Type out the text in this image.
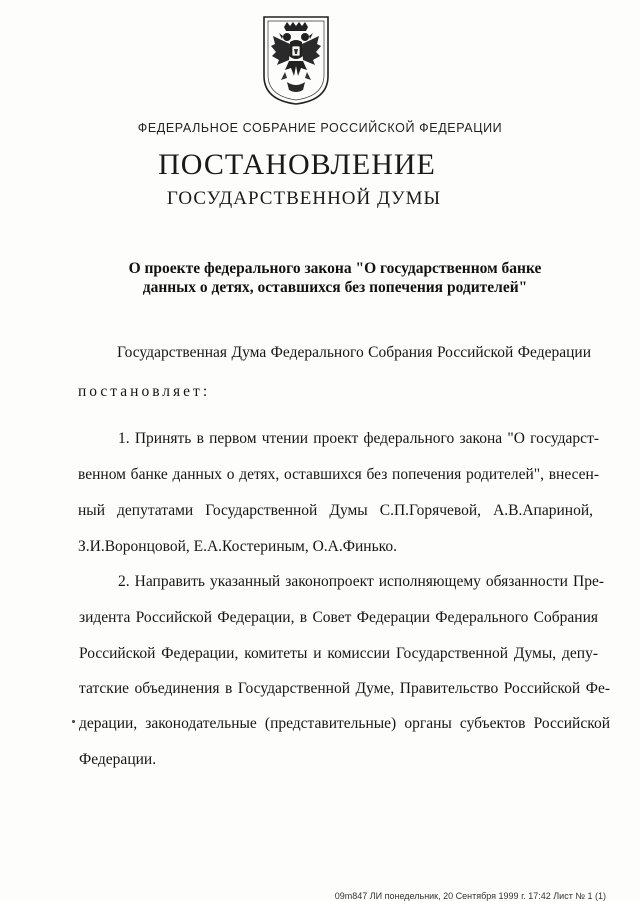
ФЕДЕРАЛЬНОЕ СОБРАНИЕ РОССИЙСКОЙ ФЕДЕРАЦИИ

ПОСТАНОВЛЕНИЕ

ГОСУДАРСТВЕННОЙ ДУМЫ

О проекте федерального закона "О государственном банке

данных о детях, оставшихся без попечения родителей"

Государственная Дума Федерального Собрания Российской Федерации

постановляет:

1. Принять в первом чтении проект федерального закона "О государст-

венном банке данных о детях, оставшихся без попечения родителей", внесен-

ный депутатами Государственной Думы С.П.Горячевой, А.В.Апариной,

З.И.Воронцовой, Е.А.Костериным, О.А.Финько.

2. Направить указанный законопроект исполняющему обязанности Пре-

зидента Российской Федерации, в Совет Федерации Федерального Собрания

Российской Федерации, комитеты и комиссии Государственной Думы, депу-

татские объединения в Государственной Думе, Правительство Российской Фе-

дерации, законодательные (представительные) органы субъектов Российской

Федерации.

09m847 ЛИ понедельник, 20 Сентября 1999 г. 17:42 Лист № 1 (1)
